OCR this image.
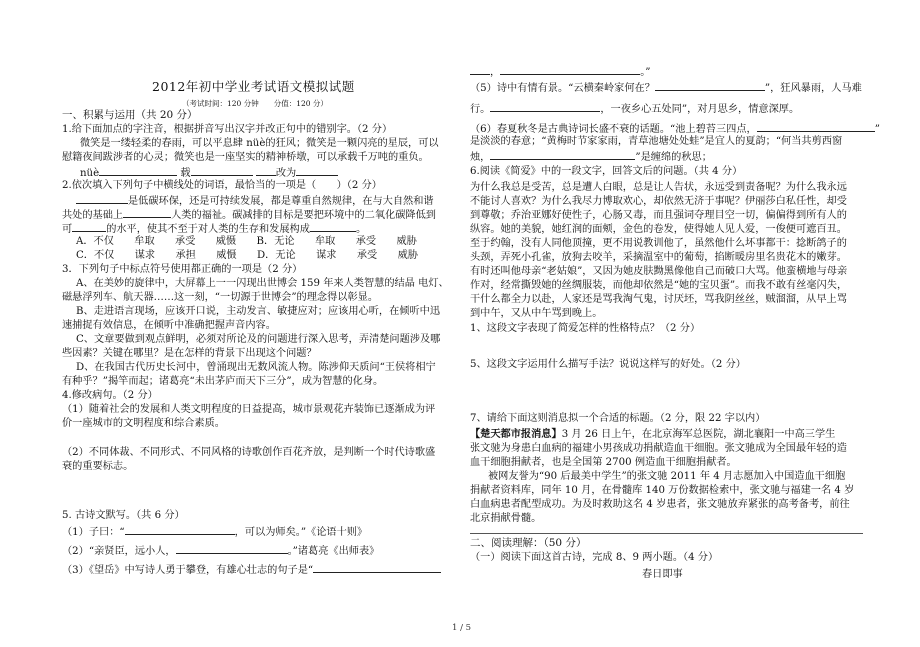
2012年初中学业考试语文模拟试题
（考试时间：120 分钟　　分值：120 分）
一、积累与运用（共 20 分）
1.给下面加点的字注音，根据拼音写出汉字并改正句中的错别字。（2 分）
微笑是一缕轻柔的春雨，可以平息肆 nüè的狂风；微笑是一颗闪亮的星辰，可以
慰籍夜间跋涉者的心灵；微笑也是一座坚实的精神桥墩，可以承载千万吨的重负。
nüè	载	改为
2.依次填入下列句子中横线处的词语，最恰当的一项是（　　）（2 分）
是低碳环保，还是可持续发展，都是尊重自然规律，在与大自然和谐
共处的基础上	人类的福祉。碳减排的目标是要把环境中的二氧化碳降低到
可	的水平，使其不至于对人类的生存和发展构成	。
A．不仅　　牟取　　承受　　威慑　　B．无论　　牟取　　承受　　威胁
C．不仅　　谋求　　承担　　威慑　　D．无论　　谋求　　承受　　威胁
3．下列句子中标点符号使用都正确的一项是（2 分）
A、在美妙的旋律中，大屏幕上一一闪现出世博会 159 年来人类智慧的结晶 电灯、
磁悬浮列车、航天器……这一刻，“一切源于世博会”的理念得以彰显。
B、走进语言现场，应该开口说，主动发言、敏捷应对；应该用心听，在倾听中迅
速捕捉有效信息，在倾听中准确把握声音内容。
C、文章要做到观点鲜明，必须对所论及的问题进行深入思考，弄清楚问题涉及哪
些因素？关键在哪里？是在怎样的背景下出现这个问题？
D、在我国古代历史长河中，曾涌现出无数风流人物。陈涉仰天质问“王侯将相宁
有种乎？”揭竿而起；诸葛亮“未出茅庐而天下三分”，成为智慧的化身。
4.修改病句。（2 分）
（1）随着社会的发展和人类文明程度的日益提高，城市景观花卉装饰已逐渐成为评
价一座城市的文明程度和综合素质。
（2）不同体裁、不同形式、不同风格的诗歌创作百花齐放，是判断一个时代诗歌盛
衰的重要标志。
5. 古诗文默写。（共 6 分）
（1）子曰：“	，可以为师矣。”《论语十则》
（2）“亲贤臣，远小人，	。”诸葛亮《出师表》
（3）《望岳》中写诗人勇于攀登，有雄心壮志的句子是“
，	。”
（5）诗中有情有景。“云横秦岭家何在？	”，狂风暴雨，人马难
行。	，一夜乡心五处同”，对月思乡，情意深厚。
（6）春夏秋冬是古典诗词长盛不衰的话题。“池上碧苔三四点，	”
是淡淡的春意；“黄梅时节家家雨，青草池塘处处蛙”是宜人的夏韵；“何当共剪西窗
烛，	”是缠绵的秋思；
6.阅读《简爱》中的一段文字，回答文后的问题。（共 4 分）
为什么我总是受苦，总是遭人白眼，总是让人告状，永远受到责备呢？为什么我永远
不能讨人喜欢？为什么我尽力博取欢心，却依然无济于事呢？伊丽莎白私任性，却受
到尊敬；乔治亚娜好使性子，心肠又毒，而且强词夺理目空一切，偏偏得到所有人的
纵容。她的美貌，她红润的面颊，金色的卷发，使得她人见人爱，一俊便可遮百丑。
至于约翰，没有人同他顶撞，更不用说教训他了，虽然他什么坏事都干：捻断鸽子的
头颈，弄死小孔雀，放狗去咬羊，采摘温室中的葡萄，掐断暖房里名贵花木的嫩芽。
有时还叫他母亲“老姑娘”，又因为她皮肤黝黑像他自己而破口大骂。他蛮横地与母亲
作对，经常撕毁她的丝绸服装，而他却依然是“她的宝贝蛋”。而我不敢有丝毫闪失，
干什么都全力以赴，人家还是骂我淘气鬼，讨厌坯，骂我阴丝丝，贼溜溜，从早上骂
到中午，又从中午骂到晚上。
1、这段文字表现了简爱怎样的性格特点？（2 分）
5、这段文字运用什么描写手法？说说这样写的好处。（2 分）
7、请给下面这则消息拟一个合适的标题。（2 分，限 22 字以内）
【楚天都市报消息】3 月 26 日上午，在北京海军总医院，湖北襄阳一中高三学生
张文驰为身患白血病的福建小男孩成功捐献造血干细胞。张文驰成为全国最年轻的造
血干细胞捐献者，也是全国第 2700 例造血干细胞捐献者。
被网友誉为“90 后最美中学生”的张文驰 2011 年 4 月志愿加入中国造血干细胞
捐献者资料库，同年 10 月，在骨髓库 140 万份数据检索中，张文驰与福建一名 4 岁
白血病患者配型成功。为及时救助这名 4 岁患者，张文驰放弃紧张的高考备考，前往
北京捐献骨髓。
二、阅读理解：（50 分）
（一）阅读下面这首古诗，完成 8、9 两小题。（4 分）
春日即事
1 / 5
